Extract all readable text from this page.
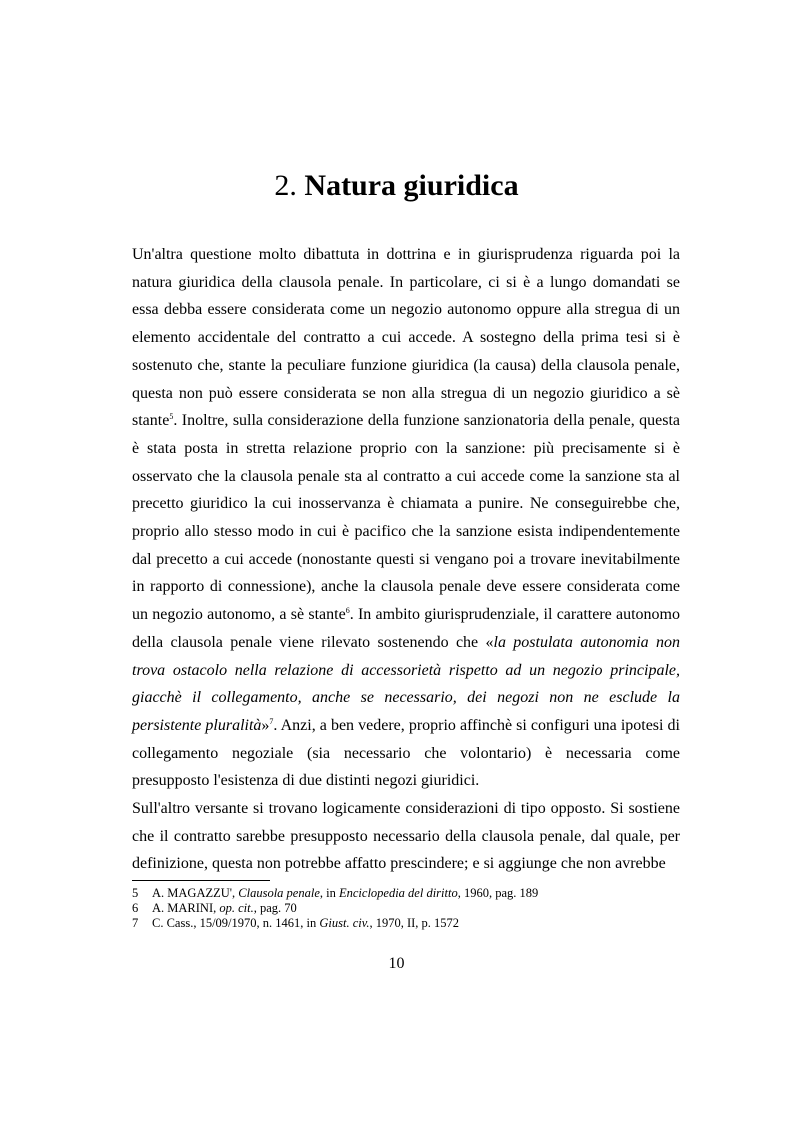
2. Natura giuridica

Un'altra questione molto dibattuta in dottrina e in giurisprudenza riguarda poi la natura giuridica della clausola penale. In particolare, ci si è a lungo domandati se essa debba essere considerata come un negozio autonomo oppure alla stregua di un elemento accidentale del contratto a cui accede. A sostegno della prima tesi si è sostenuto che, stante la peculiare funzione giuridica (la causa) della clausola penale, questa non può essere considerata se non alla stregua di un negozio giuridico a sè stante$^5$. Inoltre, sulla considerazione della funzione sanzionatoria della penale, questa è stata posta in stretta relazione proprio con la sanzione: più precisamente si è osservato che la clausola penale sta al contratto a cui accede come la sanzione sta al precetto giuridico la cui inosservanza è chiamata a punire. Ne conseguirebbe che, proprio allo stesso modo in cui è pacifico che la sanzione esista indipendentemente dal precetto a cui accede (nonostante questi si vengano poi a trovare inevitabilmente in rapporto di connessione), anche la clausola penale deve essere considerata come un negozio autonomo, a sè stante$^6$. In ambito giurisprudenziale, il carattere autonomo della clausola penale viene rilevato sostenendo che «la postulata autonomia non trova ostacolo nella relazione di accessorietà rispetto ad un negozio principale, giacchè il collegamento, anche se necessario, dei negozi non ne esclude la persistente pluralità»$^7$. Anzi, a ben vedere, proprio affinchè si configuri una ipotesi di collegamento negoziale (sia necessario che volontario) è necessaria come presupposto l'esistenza di due distinti negozi giuridici.

Sull'altro versante si trovano logicamente considerazioni di tipo opposto. Si sostiene che il contratto sarebbe presupposto necessario della clausola penale, dal quale, per definizione, questa non potrebbe affatto prescindere; e si aggiunge che non avrebbe

5	A. MAGAZZU', Clausola penale, in Enciclopedia del diritto, 1960, pag. 189
6	A. MARINI, op. cit., pag. 70
7	C. Cass., 15/09/1970, n. 1461, in Giust. civ., 1970, II, p. 1572
10
